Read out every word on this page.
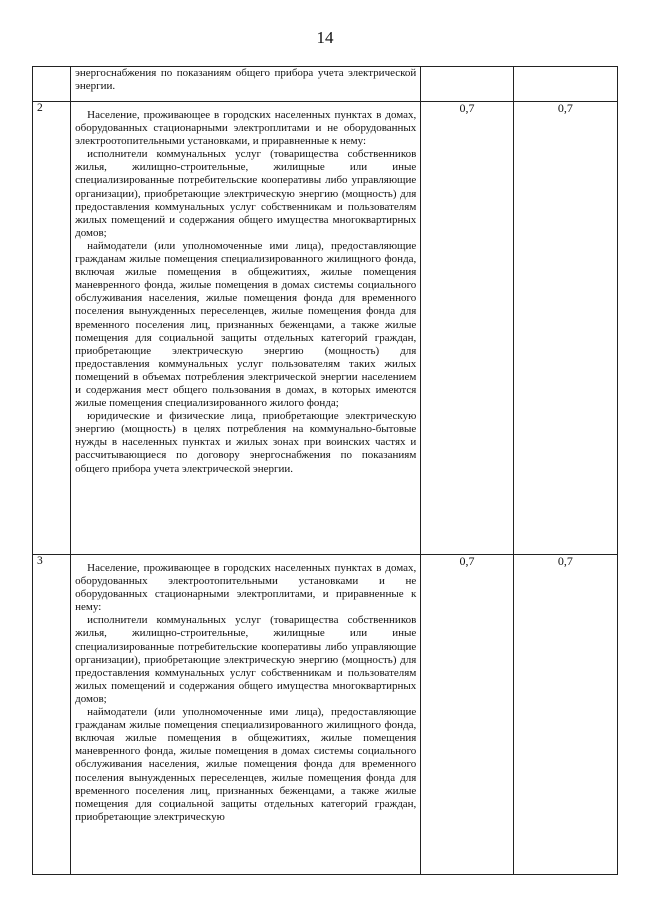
14

	энергоснабжения по показаниям общего прибора учета электрической энергии.		

2	Население, проживающее в городских населенных пунктах в домах, оборудованных стационарными электроплитами и не оборудованных электроотопительными установками, и приравненные к нему:

исполнители коммунальных услуг (товарищества собственников жилья, жилищно-строительные, жилищные или иные специализированные потребительские кооперативы либо управляющие организации), приобретающие электрическую энергию (мощность) для предоставления коммунальных услуг собственникам и пользователям жилых помещений и содержания общего имущества многоквартирных домов;

наймодатели (или уполномоченные ими лица), предоставляющие гражданам жилые помещения специализированного жилищного фонда, включая жилые помещения в общежитиях, жилые помещения маневренного фонда, жилые помещения в домах системы социального обслуживания населения, жилые помещения фонда для временного поселения вынужденных переселенцев, жилые помещения фонда для временного поселения лиц, признанных беженцами, а также жилые помещения для социальной защиты отдельных категорий граждан, приобретающие электрическую энергию (мощность) для предоставления коммунальных услуг пользователям таких жилых помещений в объемах потребления электрической энергии населением и содержания мест общего пользования в домах, в которых имеются жилые помещения специализированного жилого фонда;

юридические и физические лица, приобретающие электрическую энергию (мощность) в целях потребления на коммунально-бытовые нужды в населенных пунктах и жилых зонах при воинских частях и рассчитывающиеся по договору энергоснабжения по показаниям общего прибора учета электрической энергии.	0,7	0,7
3	Население, проживающее в городских населенных пунктах в домах, оборудованных электроотопительными установками и не оборудованных стационарными электроплитами, и приравненные к нему:

исполнители коммунальных услуг (товарищества собственников жилья, жилищно-строительные, жилищные или иные специализированные потребительские кооперативы либо управляющие организации), приобретающие электрическую энергию (мощность) для предоставления коммунальных услуг собственникам и пользователям жилых помещений и содержания общего имущества многоквартирных домов;

наймодатели (или уполномоченные ими лица), предоставляющие гражданам жилые помещения специализированного жилищного фонда, включая жилые помещения в общежитиях, жилые помещения маневренного фонда, жилые помещения в домах системы социального обслуживания населения, жилые помещения фонда для временного поселения вынужденных переселенцев, жилые помещения фонда для временного поселения лиц, признанных беженцами, а также жилые помещения для социальной защиты отдельных категорий граждан, приобретающие электрическую	0,7	0,7
